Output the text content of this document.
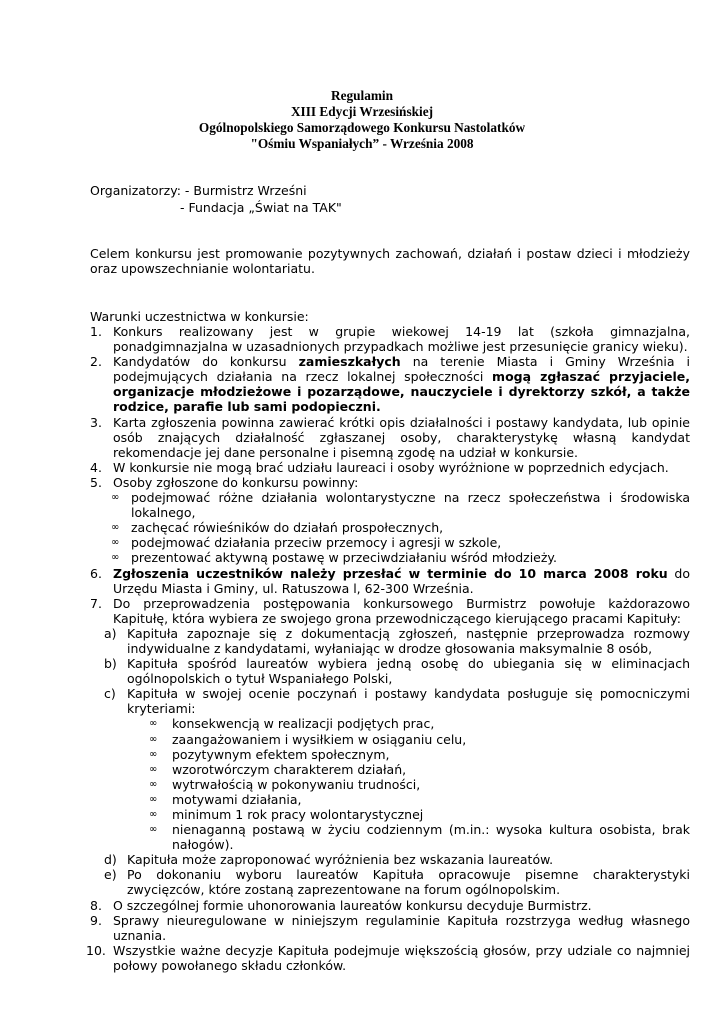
Regulamin
XIII Edycji Wrzesińskiej
Ogólnopolskiego Samorządowego Konkursu Nastolatków
"Ośmiu Wspaniałych” - Września 2008
Organizatorzy: - Burmistrz Wrześni
- Fundacja „Świat na TAK"
Celem konkursu jest promowanie pozytywnych zachowań, działań i postaw dzieci i młodzieży oraz upowszechnianie wolontariatu.
Warunki uczestnictwa w konkursie:
1. Konkurs realizowany jest w grupie wiekowej 14-19 lat (szkoła gimnazjalna, ponadgimnazjalna w uzasadnionych przypadkach możliwe jest przesunięcie granicy wieku).
2. Kandydatów do konkursu zamieszkałych na terenie Miasta i Gminy Września i podejmujących działania na rzecz lokalnej społeczności mogą zgłaszać przyjaciele, organizacje młodzieżowe i pozarządowe, nauczyciele i dyrektorzy szkół, a także rodzice, parafie lub sami podopieczni.
3. Karta zgłoszenia powinna zawierać krótki opis działalności i postawy kandydata, lub opinie osób znających działalność zgłaszanej osoby, charakterystykę własną kandydat rekomendacje jej dane personalne i pisemną zgodę na udział w konkursie.
4. W konkursie nie mogą brać udziału laureaci i osoby wyróżnione w poprzednich edycjach.
5. Osoby zgłoszone do konkursu powinny:
∞ podejmować różne działania wolontarystyczne na rzecz społeczeństwa i środowiska lokalnego,
∞ zachęcać rówieśników do działań prospołecznych,
∞ podejmować działania przeciw przemocy i agresji w szkole,
∞ prezentować aktywną postawę w przeciwdziałaniu wśród młodzieży.
6. Zgłoszenia uczestników należy przesłać w terminie do 10 marca 2008 roku do Urzędu Miasta i Gminy, ul. Ratuszowa l, 62-300 Września.
7. Do przeprowadzenia postępowania konkursowego Burmistrz powołuje każdorazowo Kapitułę, która wybiera ze swojego grona przewodniczącego kierującego pracami Kapituły:
a) Kapituła zapoznaje się z dokumentacją zgłoszeń, następnie przeprowadza rozmowy indywidualne z kandydatami, wyłaniając w drodze głosowania maksymalnie 8 osób,
b) Kapituła spośród laureatów wybiera jedną osobę do ubiegania się w eliminacjach ogólnopolskich o tytuł Wspaniałego Polski,
c) Kapituła w swojej ocenie poczynań i postawy kandydata posługuje się pomocniczymi kryteriami:
∞ konsekwencją w realizacji podjętych prac,
∞ zaangażowaniem i wysiłkiem w osiąganiu celu,
∞ pozytywnym efektem społecznym,
∞ wzorotwórczym charakterem działań,
∞ wytrwałością w pokonywaniu trudności,
∞ motywami działania,
∞ minimum 1 rok pracy wolontarystycznej
∞ nienaganną postawą w życiu codziennym (m.in.: wysoka kultura osobista, brak nałogów).
d) Kapituła może zaproponować wyróżnienia bez wskazania laureatów.
e) Po dokonaniu wyboru laureatów Kapituła opracowuje pisemne charakterystyki zwycięzców, które zostaną zaprezentowane na forum ogólnopolskim.
8. O szczególnej formie uhonorowania laureatów konkursu decyduje Burmistrz.
9. Sprawy nieuregulowane w niniejszym regulaminie Kapituła rozstrzyga według własnego uznania.
10. Wszystkie ważne decyzje Kapituła podejmuje większością głosów, przy udziale co najmniej połowy powołanego składu członków.
